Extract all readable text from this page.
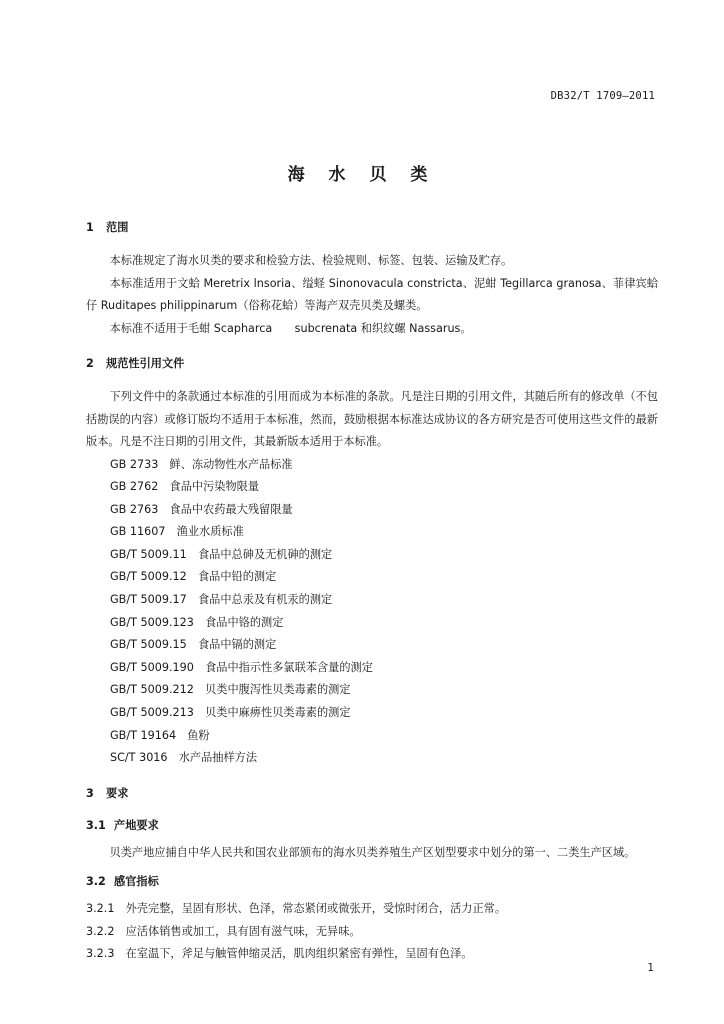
DB32/T 1709—2011
海 水 贝 类
1 范围

本标准规定了海水贝类的要求和检验方法、检验规则、标签、包装、运输及贮存。

本标准适用于文蛤 Meretrix lnsoria、缢蛏 Sinonovacula constricta、泥蚶 Tegillarca granosa、菲律宾蛤仔 Ruditapes philippinarum（俗称花蛤）等海产双壳贝类及螺类。

本标准不适用于毛蚶 Scapharca　　subcrenata 和织纹螺 Nassarus。

2 规范性引用文件

下列文件中的条款通过本标准的引用而成为本标准的条款。凡是注日期的引用文件，其随后所有的修改单（不包括勘误的内容）或修订版均不适用于本标准，然而，鼓励根据本标准达成协议的各方研究是否可使用这些文件的最新版本。凡是不注日期的引用文件，其最新版本适用于本标准。

GB 2733　鲜、冻动物性水产品标准
GB 2762　食品中污染物限量
GB 2763　食品中农药最大残留限量
GB 11607　渔业水质标准
GB/T 5009.11　食品中总砷及无机砷的测定
GB/T 5009.12　食品中铅的测定
GB/T 5009.17　食品中总汞及有机汞的测定
GB/T 5009.123　食品中铬的测定
GB/T 5009.15　食品中镉的测定
GB/T 5009.190　食品中指示性多氯联苯含量的测定
GB/T 5009.212　贝类中腹泻性贝类毒素的测定
GB/T 5009.213　贝类中麻痹性贝类毒素的测定
GB/T 19164　鱼粉
SC/T 3016　水产品抽样方法
3 要求
3.1 产地要求

贝类产地应捕自中华人民共和国农业部颁布的海水贝类养殖生产区划型要求中划分的第一、二类生产区域。

3.2 感官指标
3.2.1　外壳完整，呈固有形状、色泽，常态紧闭或微张开，受惊时闭合，活力正常。
3.2.2　应活体销售或加工，具有固有滋气味，无异味。
3.2.3　在室温下，斧足与触管伸缩灵活，肌肉组织紧密有弹性，呈固有色泽。
1
